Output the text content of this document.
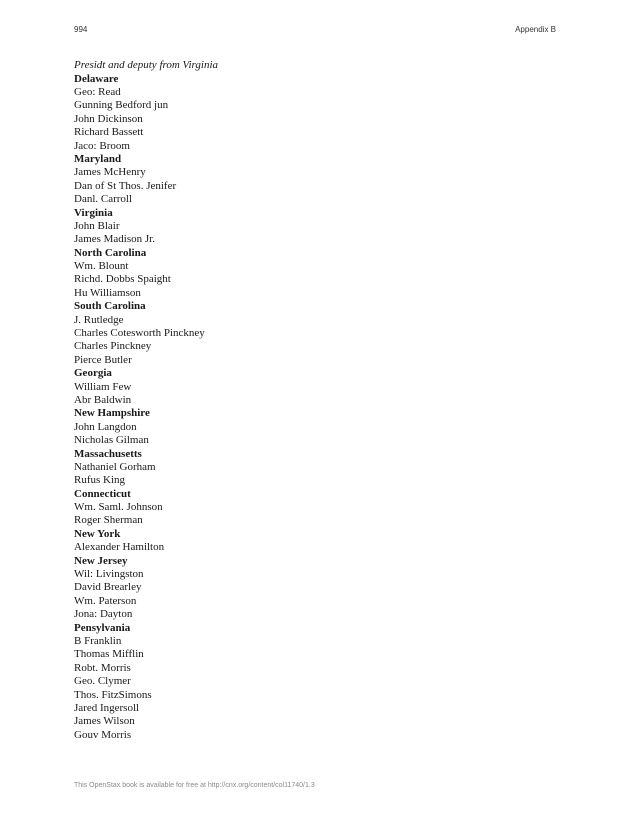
994	Appendix B

Presidt and deputy from Virginia

Delaware
Geo: Read
Gunning Bedford jun
John Dickinson
Richard Bassett
Jaco: Broom
Maryland
James McHenry
Dan of St Thos. Jenifer
Danl. Carroll
Virginia
John Blair
James Madison Jr.
North Carolina
Wm. Blount
Richd. Dobbs Spaight
Hu Williamson
South Carolina
J. Rutledge
Charles Cotesworth Pinckney
Charles Pinckney
Pierce Butler
Georgia
William Few
Abr Baldwin
New Hampshire
John Langdon
Nicholas Gilman
Massachusetts
Nathaniel Gorham
Rufus King
Connecticut
Wm. Saml. Johnson
Roger Sherman
New York
Alexander Hamilton
New Jersey
Wil: Livingston
David Brearley
Wm. Paterson
Jona: Dayton
Pensylvania
B Franklin
Thomas Mifflin
Robt. Morris
Geo. Clymer
Thos. FitzSimons
Jared Ingersoll
James Wilson
Gouv Morris
This OpenStax book is available for free at http://cnx.org/content/col11740/1.3
